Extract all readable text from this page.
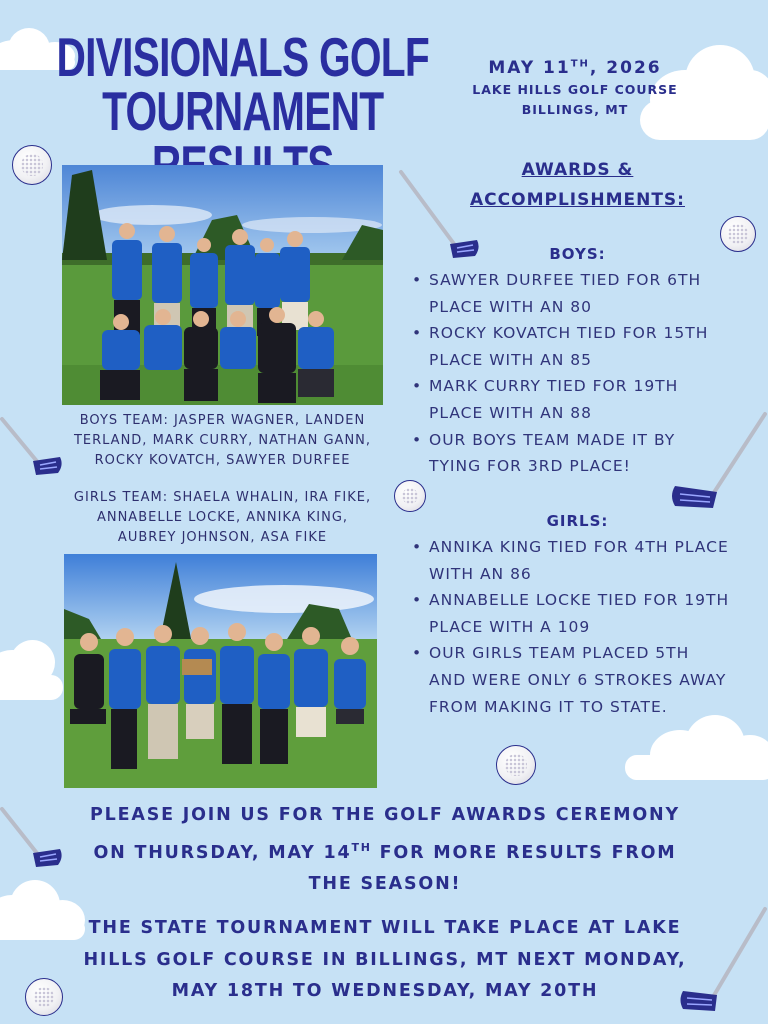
DIVISIONALS GOLF
TOURNAMENT
MAY 11TH, 2026
LAKE HILLS GOLF COURSE
BILLINGS, MT
BOYS TEAM: JASPER WAGNER, LANDEN
TERLAND, MARK CURRY, NATHAN GANN,
ROCKY KOVATCH, SAWYER DURFEE
GIRLS TEAM: SHAELA WHALIN, IRA FIKE,
ANNABELLE LOCKE, ANNIKA KING,
AUBREY JOHNSON, ASA FIKE
AWARDS &
ACCOMPLISHMENTS:
BOYS:
• SAWYER DURFEE TIED FOR 6TH
PLACE WITH AN 80
• ROCKY KOVATCH TIED FOR 15TH
PLACE WITH AN 85
• MARK CURRY TIED FOR 19TH
PLACE WITH AN 88
• OUR BOYS TEAM MADE IT BY
TYING FOR 3RD PLACE!
GIRLS:
• ANNIKA KING TIED FOR 4TH PLACE
WITH AN 86
• ANNABELLE LOCKE TIED FOR 19TH
PLACE WITH A 109
• OUR GIRLS TEAM PLACED 5TH
AND WERE ONLY 6 STROKES AWAY
FROM MAKING IT TO STATE.
PLEASE JOIN US FOR THE GOLF AWARDS CEREMONY
ON THURSDAY, MAY 14TH FOR MORE RESULTS FROM
THE SEASON!
THE STATE TOURNAMENT WILL TAKE PLACE AT LAKE
HILLS GOLF COURSE IN BILLINGS, MT NEXT MONDAY,
MAY 18TH TO WEDNESDAY, MAY 20TH
